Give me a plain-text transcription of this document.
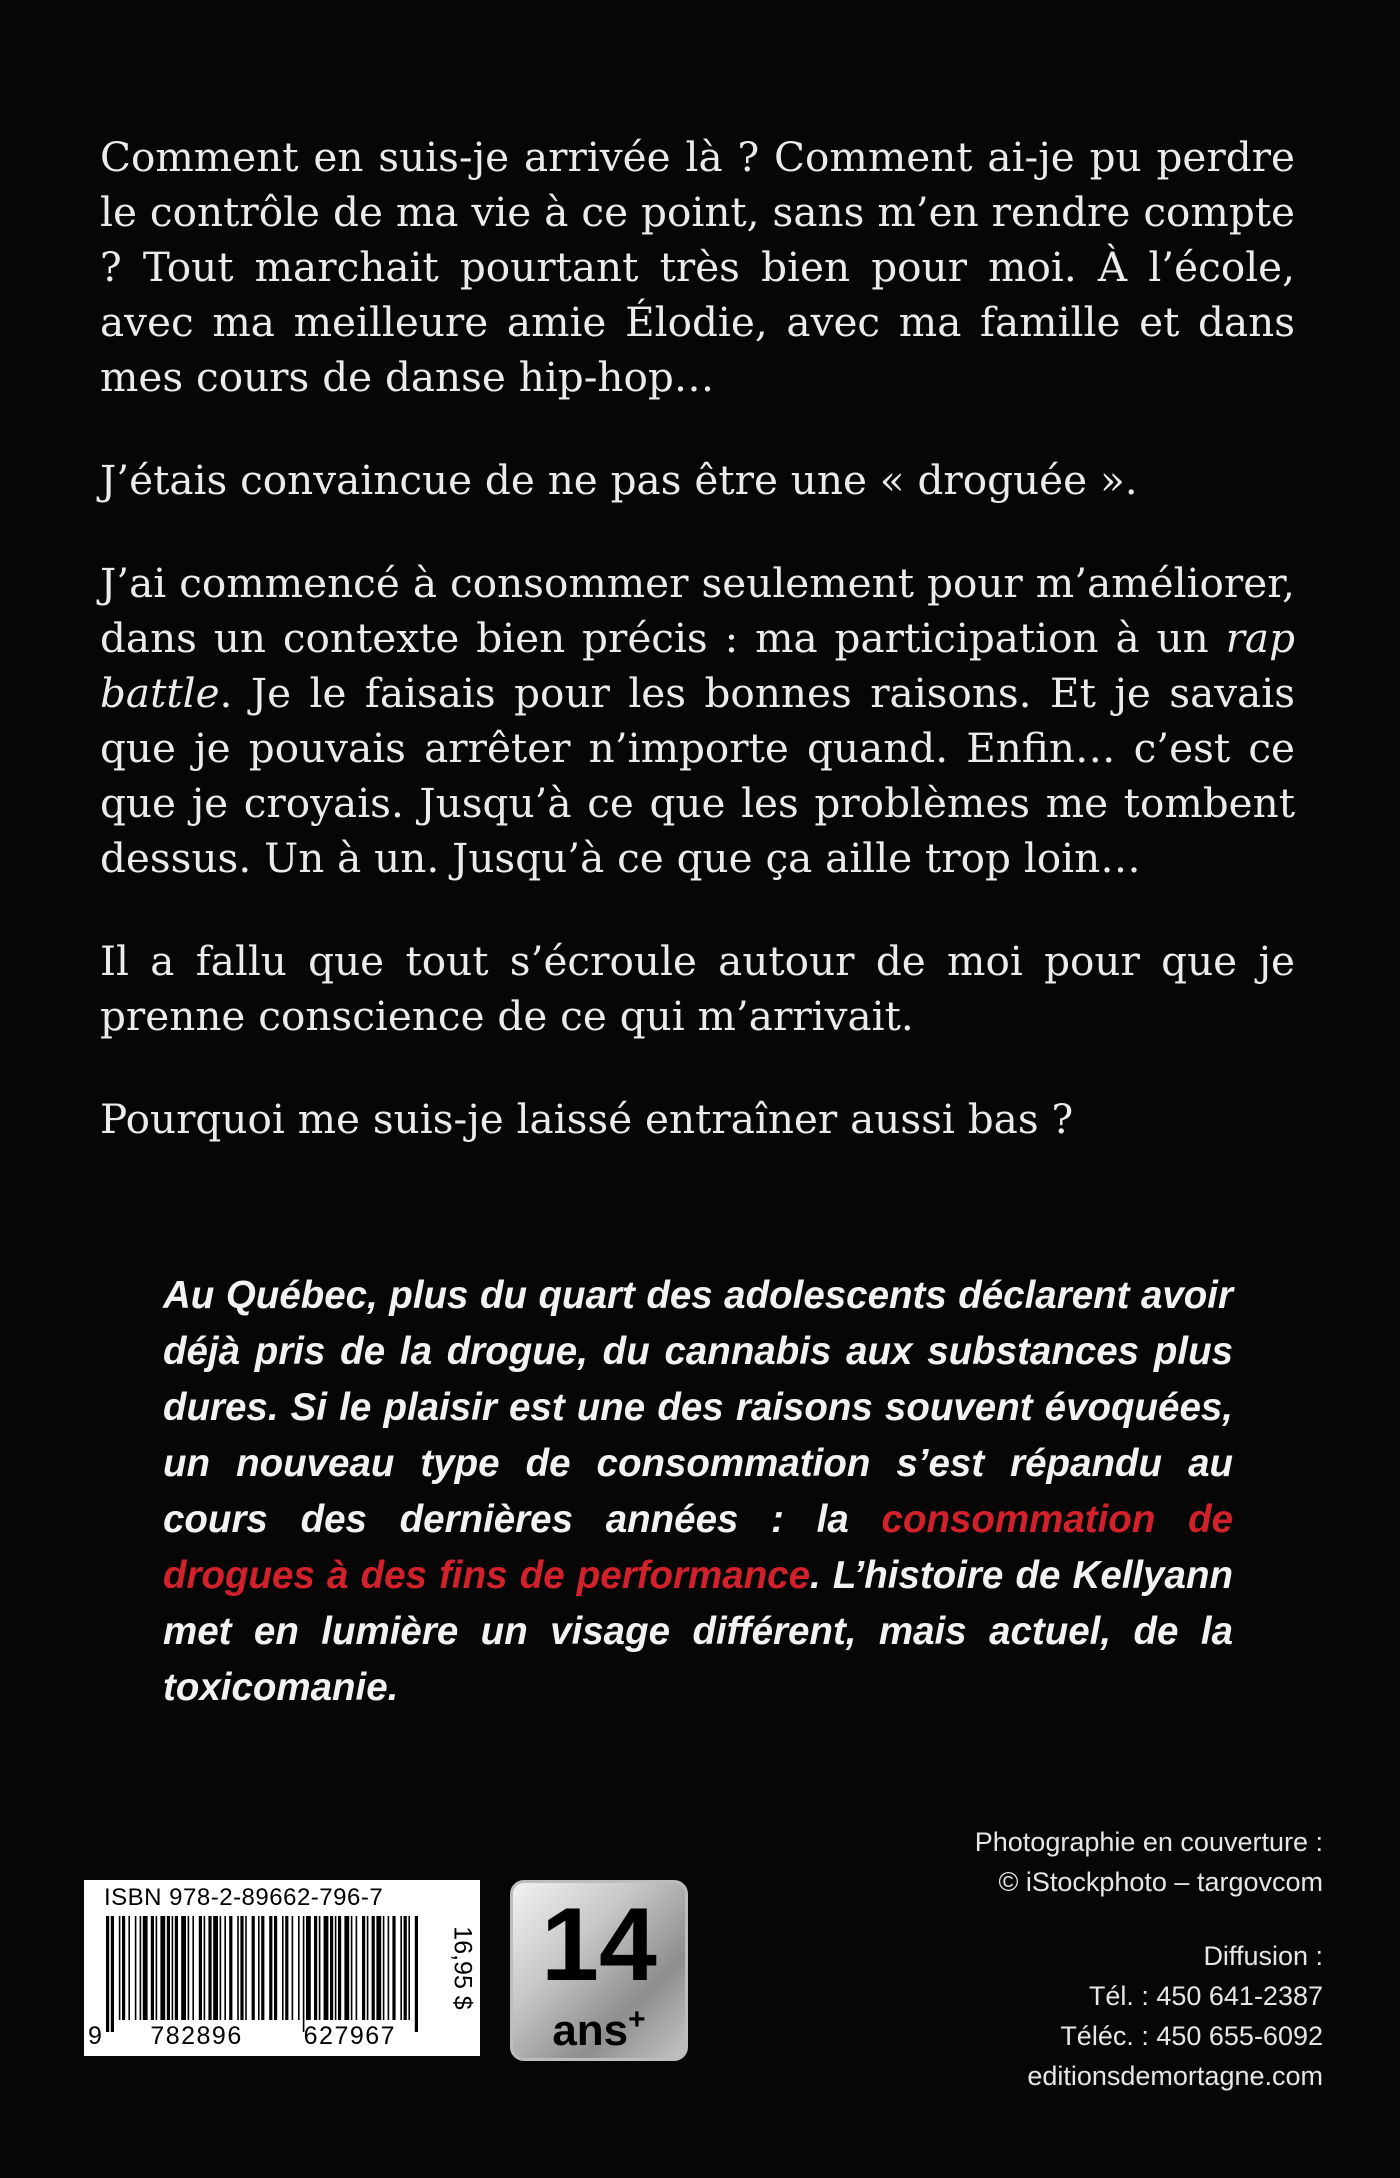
Comment en suis-je arrivée là ? Comment ai-je pu perdre le contrôle de ma vie à ce point, sans m’en rendre compte ? Tout marchait pourtant très bien pour moi. À l’école, avec ma meilleure amie Élodie, avec ma famille et dans mes cours de danse hip-hop…

J’étais convaincue de ne pas être une « droguée ».

J’ai commencé à consommer seulement pour m’améliorer, dans un contexte bien précis : ma participation à un rap battle. Je le faisais pour les bonnes raisons. Et je savais que je pouvais arrêter n’importe quand. Enfin… c’est ce que je croyais. Jusqu’à ce que les problèmes me tombent dessus. Un à un. Jusqu’à ce que ça aille trop loin…

Il a fallu que tout s’écroule autour de moi pour que je prenne conscience de ce qui m’arrivait.

Pourquoi me suis-je laissé entraîner aussi bas ?

Au Québec, plus du quart des adolescents déclarent avoir déjà pris de la drogue, du cannabis aux substances plus dures. Si le plaisir est une des raisons souvent évoquées, un nouveau type de consommation s’est répandu au cours des dernières années : la consommation de drogues à des fins de performance. L’histoire de Kellyann met en lumière un visage différent, mais actuel, de la toxicomanie.

Photographie en couverture :
© iStockphoto – targovcom
Diffusion :
Tél. : 450 641-2387
Téléc. : 450 655-6092
editionsdemortagne.com
ISBN 978-2-89662-796-7
9 782896 627967
16,95 $ 14
ans+
